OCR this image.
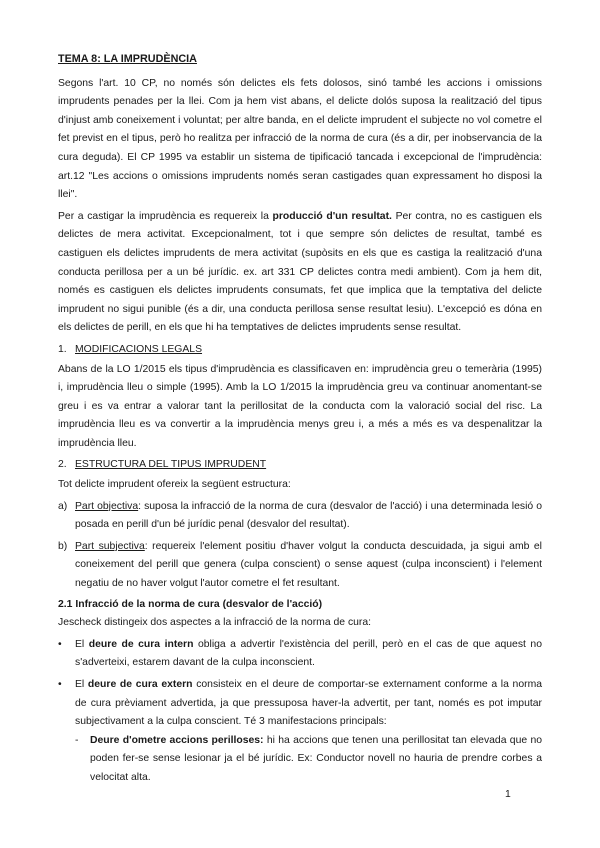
TEMA 8: LA IMPRUDÈNCIA

Segons l'art. 10 CP, no només són delictes els fets dolosos, sinó també les accions i omissions imprudents penades per la llei. Com ja hem vist abans, el delicte dolós suposa la realització del tipus d'injust amb coneixement i voluntat; per altre banda, en el delicte imprudent el subjecte no vol cometre el fet previst en el tipus, però ho realitza per infracció de la norma de cura (és a dir, per inobservancia de la cura deguda). El CP 1995 va establir un sistema de tipificació tancada i excepcional de l'imprudència: art.12 "Les accions o omissions imprudents només seran castigades quan expressament ho disposi la llei".

Per a castigar la imprudència es requereix la producció d'un resultat. Per contra, no es castiguen els delictes de mera activitat. Excepcionalment, tot i que sempre són delictes de resultat, també es castiguen els delictes imprudents de mera activitat (supòsits en els que es castiga la realització d'una conducta perillosa per a un bé jurídic. ex. art 331 CP delictes contra medi ambient). Com ja hem dit, només es castiguen els delictes imprudents consumats, fet que implica que la temptativa del delicte imprudent no sigui punible (és a dir, una conducta perillosa sense resultat lesiu). L'excepció es dóna en els delictes de perill, en els que hi ha temptatives de delictes imprudents sense resultat.

1. MODIFICACIONS LEGALS

Abans de la LO 1/2015 els tipus d'imprudència es classificaven en: imprudència greu o temerària (1995) i, imprudència lleu o simple (1995). Amb la LO 1/2015 la imprudència greu va continuar anomentant-se greu i es va entrar a valorar tant la perillositat de la conducta com la valoració social del risc. La imprudència lleu es va convertir a la imprudència menys greu i, a més a més es va despenalitzar la imprudència lleu.

2. ESTRUCTURA DEL TIPUS IMPRUDENT

Tot delicte imprudent ofereix la següent estructura:

a) Part objectiva: suposa la infracció de la norma de cura (desvalor de l'acció) i una determinada lesió o posada en perill d'un bé jurídic penal (desvalor del resultat).
b) Part subjectiva: requereix l'element positiu d'haver volgut la conducta descuidada, ja sigui amb el coneixement del perill que genera (culpa conscient) o sense aquest (culpa inconscient) i l'element negatiu de no haver volgut l'autor cometre el fet resultant.

2.1 Infracció de la norma de cura (desvalor de l'acció)

Jescheck distingeix dos aspectes a la infracció de la norma de cura:

•	El deure de cura intern obliga a advertir l'existència del perill, però en el cas de que aquest no s'adverteixi, estarem davant de la culpa inconscient.
•	El deure de cura extern consisteix en el deure de comportar-se externament conforme a la norma de cura prèviament advertida, ja que pressuposa haver-la advertit, per tant, només es pot imputar subjectivament a la culpa conscient. Té 3 manifestacions principals:
-	Deure d'ometre accions perilloses: hi ha accions que tenen una perillositat tan elevada que no poden fer-se sense lesionar ja el bé jurídic. Ex: Conductor novell no hauria de prendre corbes a velocitat alta.
1
